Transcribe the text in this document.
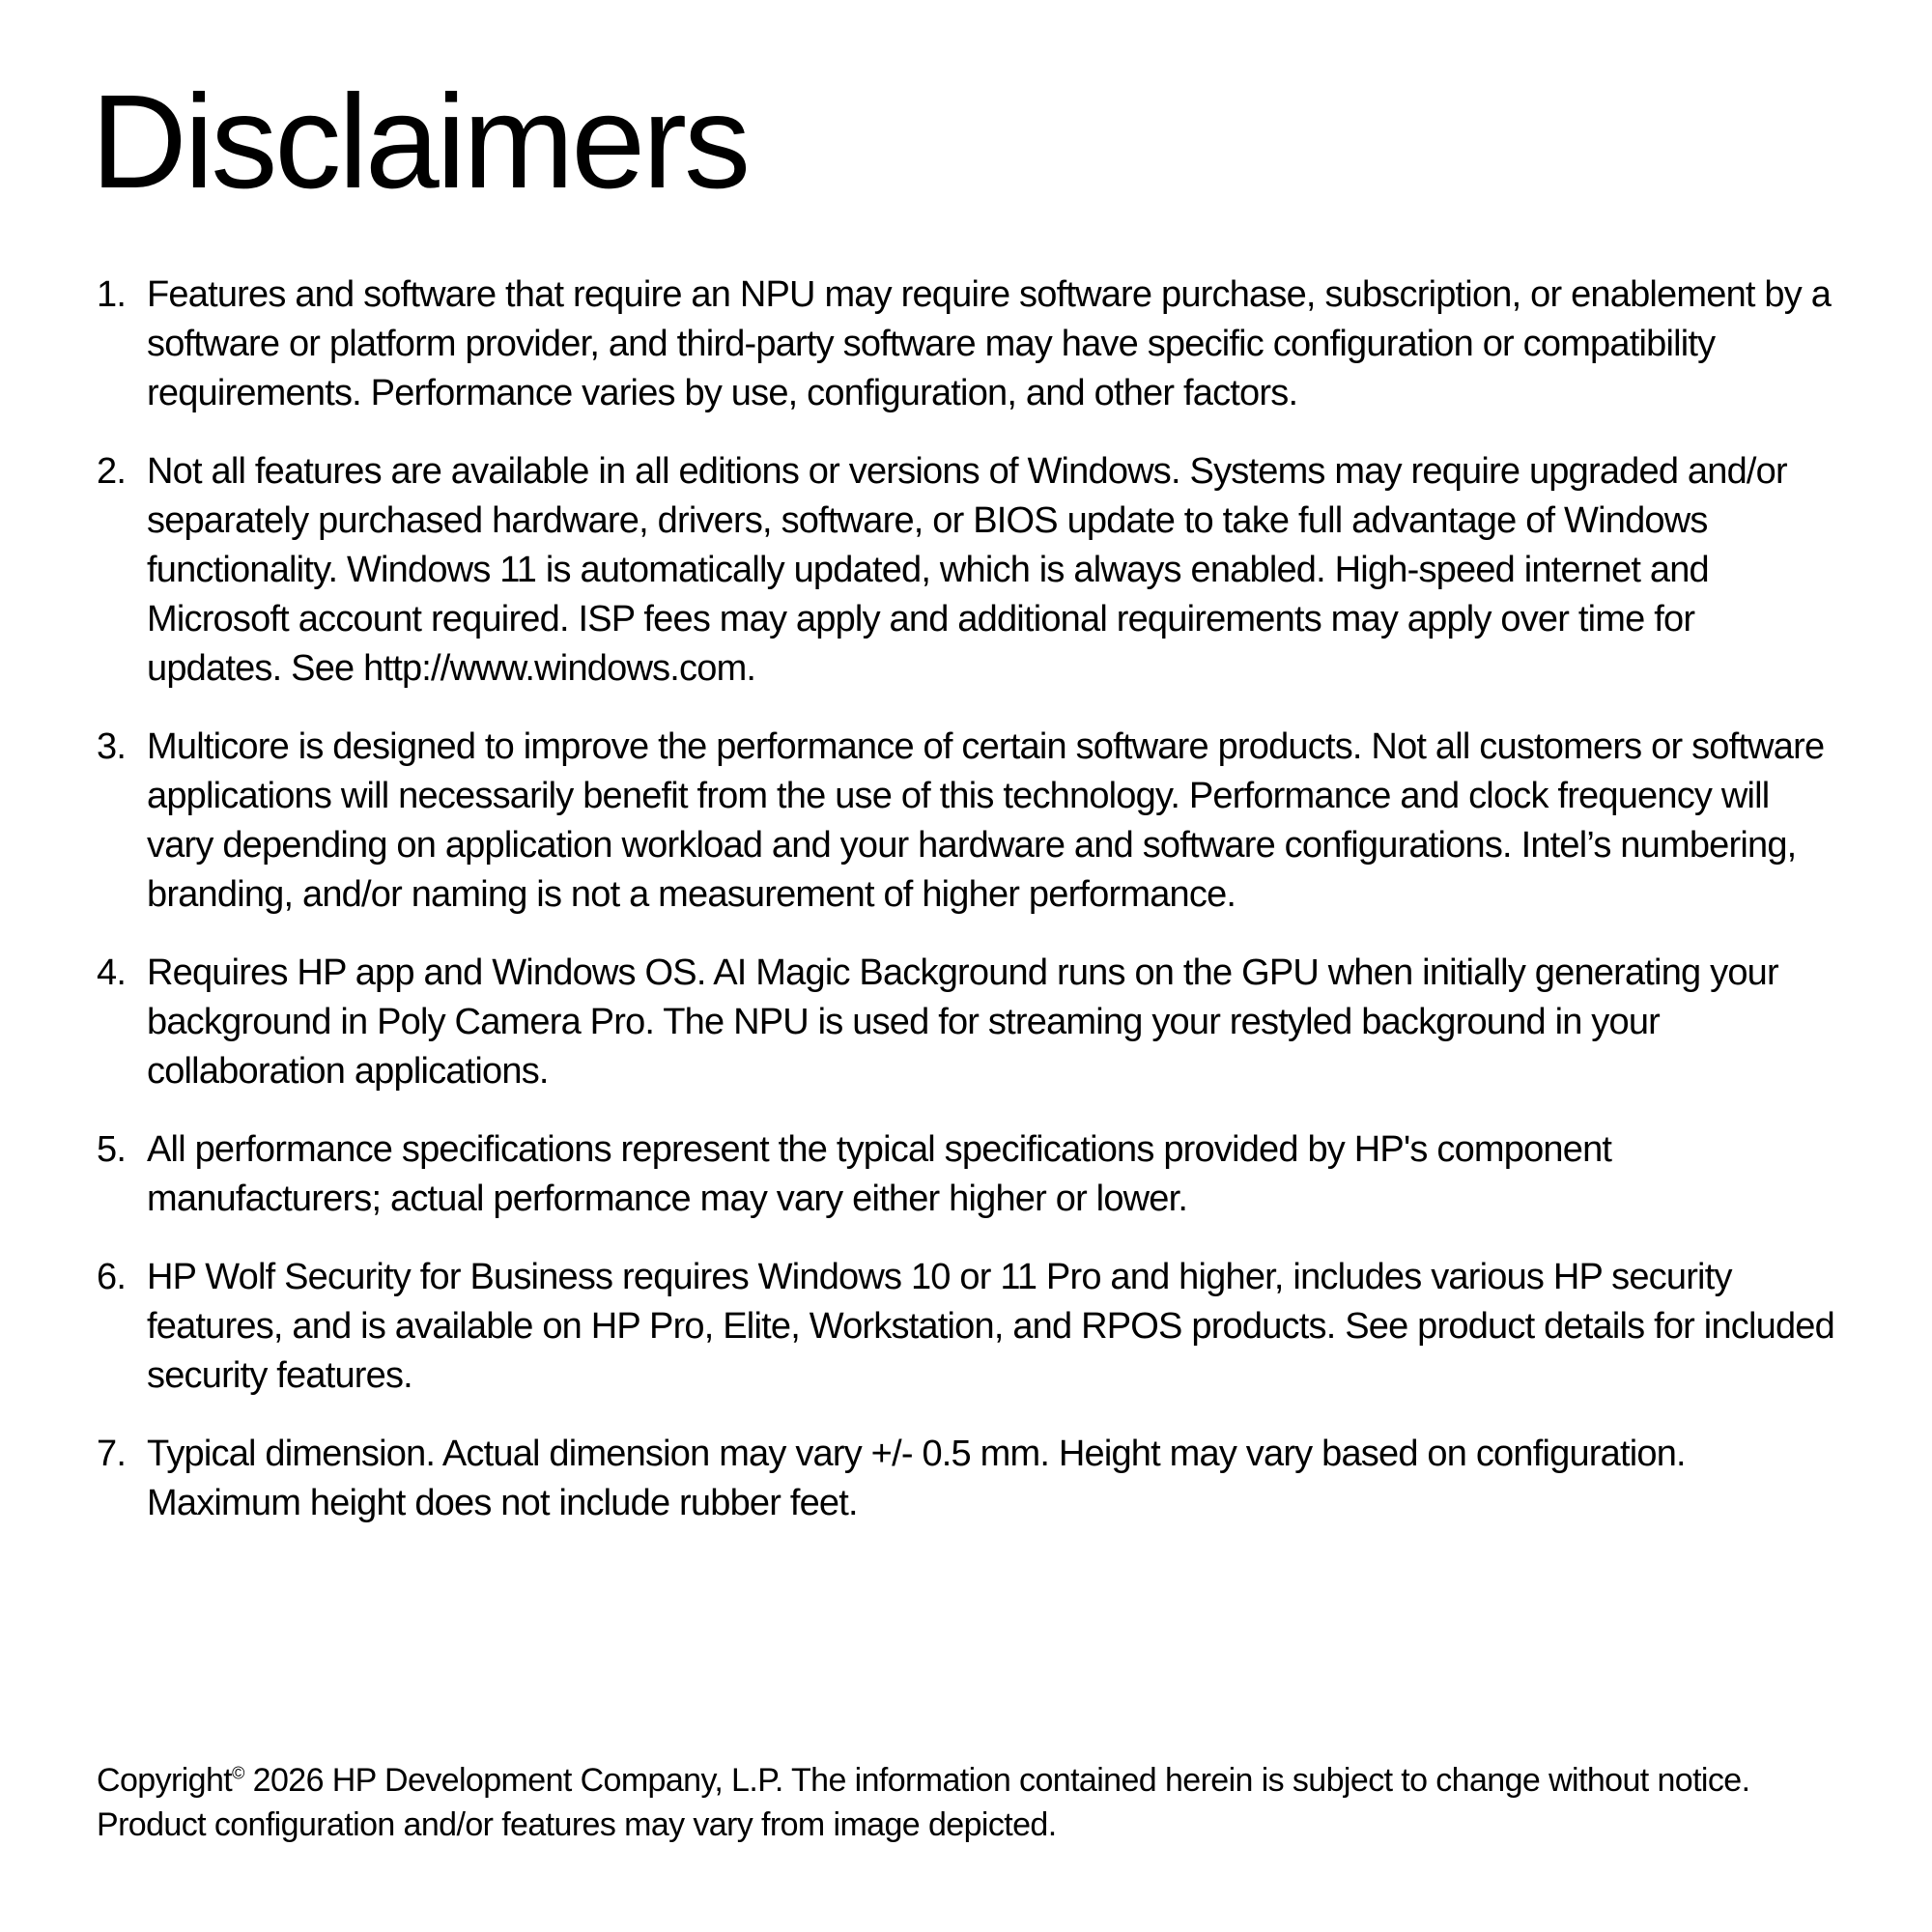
Disclaimers
1. Features and software that require an NPU may require software purchase, subscription, or enablement by a software or platform provider, and third-party software may have specific configuration or compatibility requirements. Performance varies by use, configuration, and other factors.
2. Not all features are available in all editions or versions of Windows. Systems may require upgraded and/or separately purchased hardware, drivers, software, or BIOS update to take full advantage of Windows functionality. Windows 11 is automatically updated, which is always enabled. High-speed internet and Microsoft account required. ISP fees may apply and additional requirements may apply over time for updates. See http://www.windows.com.
3. Multicore is designed to improve the performance of certain software products. Not all customers or software applications will necessarily benefit from the use of this technology. Performance and clock frequency will vary depending on application workload and your hardware and software configurations. Intel’s numbering, branding, and/or naming is not a measurement of higher performance.
4. Requires HP app and Windows OS. AI Magic Background runs on the GPU when initially generating your background in Poly Camera Pro. The NPU is used for streaming your restyled background in your collaboration applications.
5. All performance specifications represent the typical specifications provided by HP's component manufacturers; actual performance may vary either higher or lower.
6. HP Wolf Security for Business requires Windows 10 or 11 Pro and higher, includes various HP security features, and is available on HP Pro, Elite, Workstation, and RPOS products. See product details for included security features.
7. Typical dimension. Actual dimension may vary +/- 0.5 mm. Height may vary based on configuration. Maximum height does not include rubber feet.

Copyright© 2026 HP Development Company, L.P. The information contained herein is subject to change without notice. Product configuration and/or features may vary from image depicted.
